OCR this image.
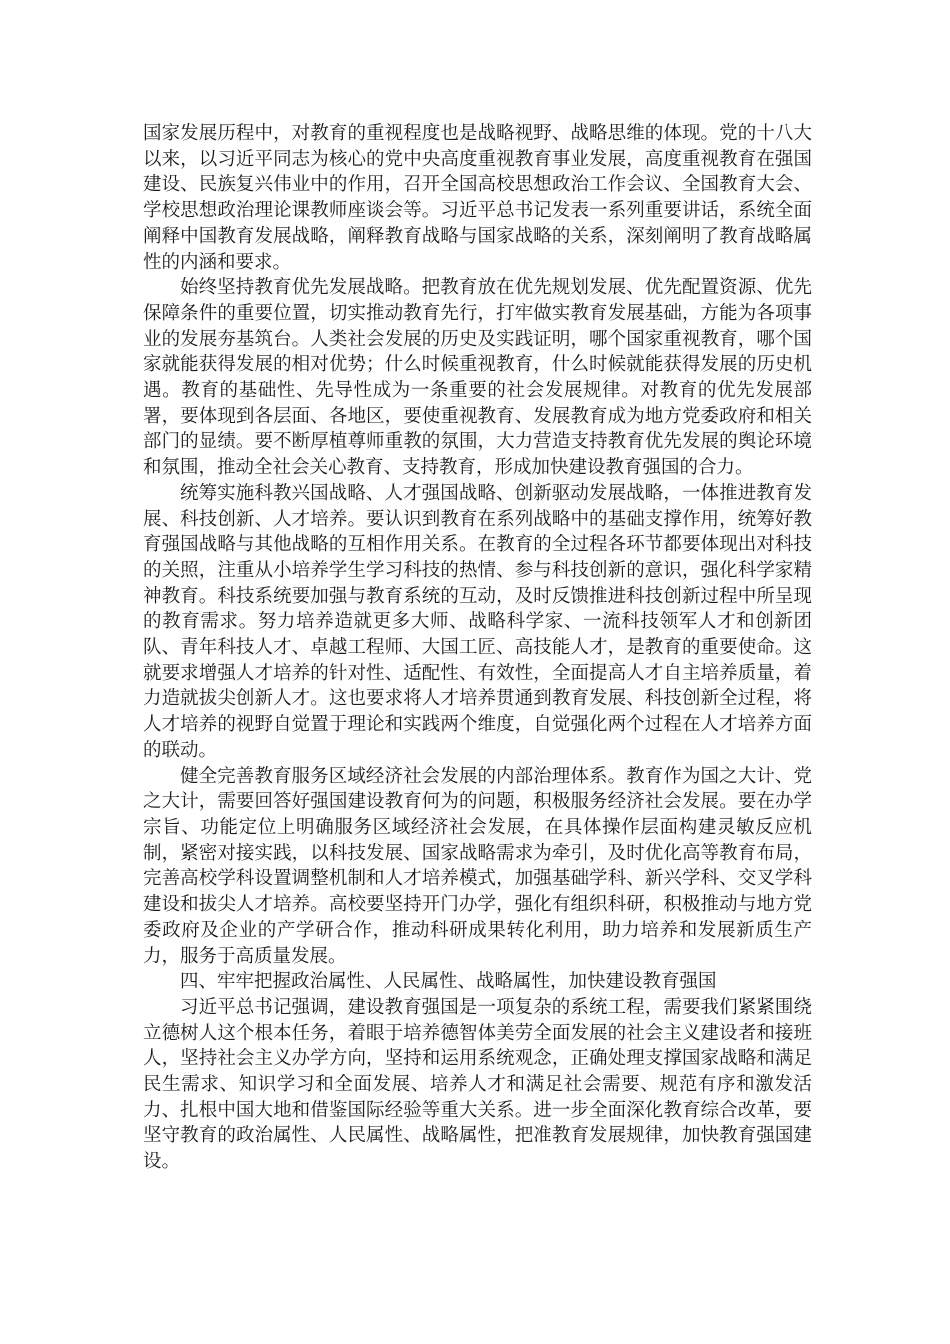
国家发展历程中，对教育的重视程度也是战略视野、战略思维的体现。党的十八大以来，以习近平同志为核心的党中央高度重视教育事业发展，高度重视教育在强国建设、民族复兴伟业中的作用，召开全国高校思想政治工作会议、全国教育大会、学校思想政治理论课教师座谈会等。习近平总书记发表一系列重要讲话，系统全面阐释中国教育发展战略，阐释教育战略与国家战略的关系，深刻阐明了教育战略属性的内涵和要求。

始终坚持教育优先发展战略。把教育放在优先规划发展、优先配置资源、优先保障条件的重要位置，切实推动教育先行，打牢做实教育发展基础，方能为各项事业的发展夯基筑台。人类社会发展的历史及实践证明，哪个国家重视教育，哪个国家就能获得发展的相对优势；什么时候重视教育，什么时候就能获得发展的历史机遇。教育的基础性、先导性成为一条重要的社会发展规律。对教育的优先发展部署，要体现到各层面、各地区，要使重视教育、发展教育成为地方党委政府和相关部门的显绩。要不断厚植尊师重教的氛围，大力营造支持教育优先发展的舆论环境和氛围，推动全社会关心教育、支持教育，形成加快建设教育强国的合力。

统筹实施科教兴国战略、人才强国战略、创新驱动发展战略，一体推进教育发展、科技创新、人才培养。要认识到教育在系列战略中的基础支撑作用，统筹好教育强国战略与其他战略的互相作用关系。在教育的全过程各环节都要体现出对科技的关照，注重从小培养学生学习科技的热情、参与科技创新的意识，强化科学家精神教育。科技系统要加强与教育系统的互动，及时反馈推进科技创新过程中所呈现的教育需求。努力培养造就更多大师、战略科学家、一流科技领军人才和创新团队、青年科技人才、卓越工程师、大国工匠、高技能人才，是教育的重要使命。这就要求增强人才培养的针对性、适配性、有效性，全面提高人才自主培养质量，着力造就拔尖创新人才。这也要求将人才培养贯通到教育发展、科技创新全过程，将人才培养的视野自觉置于理论和实践两个维度，自觉强化两个过程在人才培养方面的联动。

健全完善教育服务区域经济社会发展的内部治理体系。教育作为国之大计、党之大计，需要回答好强国建设教育何为的问题，积极服务经济社会发展。要在办学宗旨、功能定位上明确服务区域经济社会发展，在具体操作层面构建灵敏反应机制，紧密对接实践，以科技发展、国家战略需求为牵引，及时优化高等教育布局，完善高校学科设置调整机制和人才培养模式，加强基础学科、新兴学科、交叉学科建设和拔尖人才培养。高校要坚持开门办学，强化有组织科研，积极推动与地方党委政府及企业的产学研合作，推动科研成果转化利用，助力培养和发展新质生产力，服务于高质量发展。

四、牢牢把握政治属性、人民属性、战略属性，加快建设教育强国

习近平总书记强调，建设教育强国是一项复杂的系统工程，需要我们紧紧围绕立德树人这个根本任务，着眼于培养德智体美劳全面发展的社会主义建设者和接班人，坚持社会主义办学方向，坚持和运用系统观念，正确处理支撑国家战略和满足民生需求、知识学习和全面发展、培养人才和满足社会需要、规范有序和激发活力、扎根中国大地和借鉴国际经验等重大关系。进一步全面深化教育综合改革，要坚守教育的政治属性、人民属性、战略属性，把准教育发展规律，加快教育强国建设。
